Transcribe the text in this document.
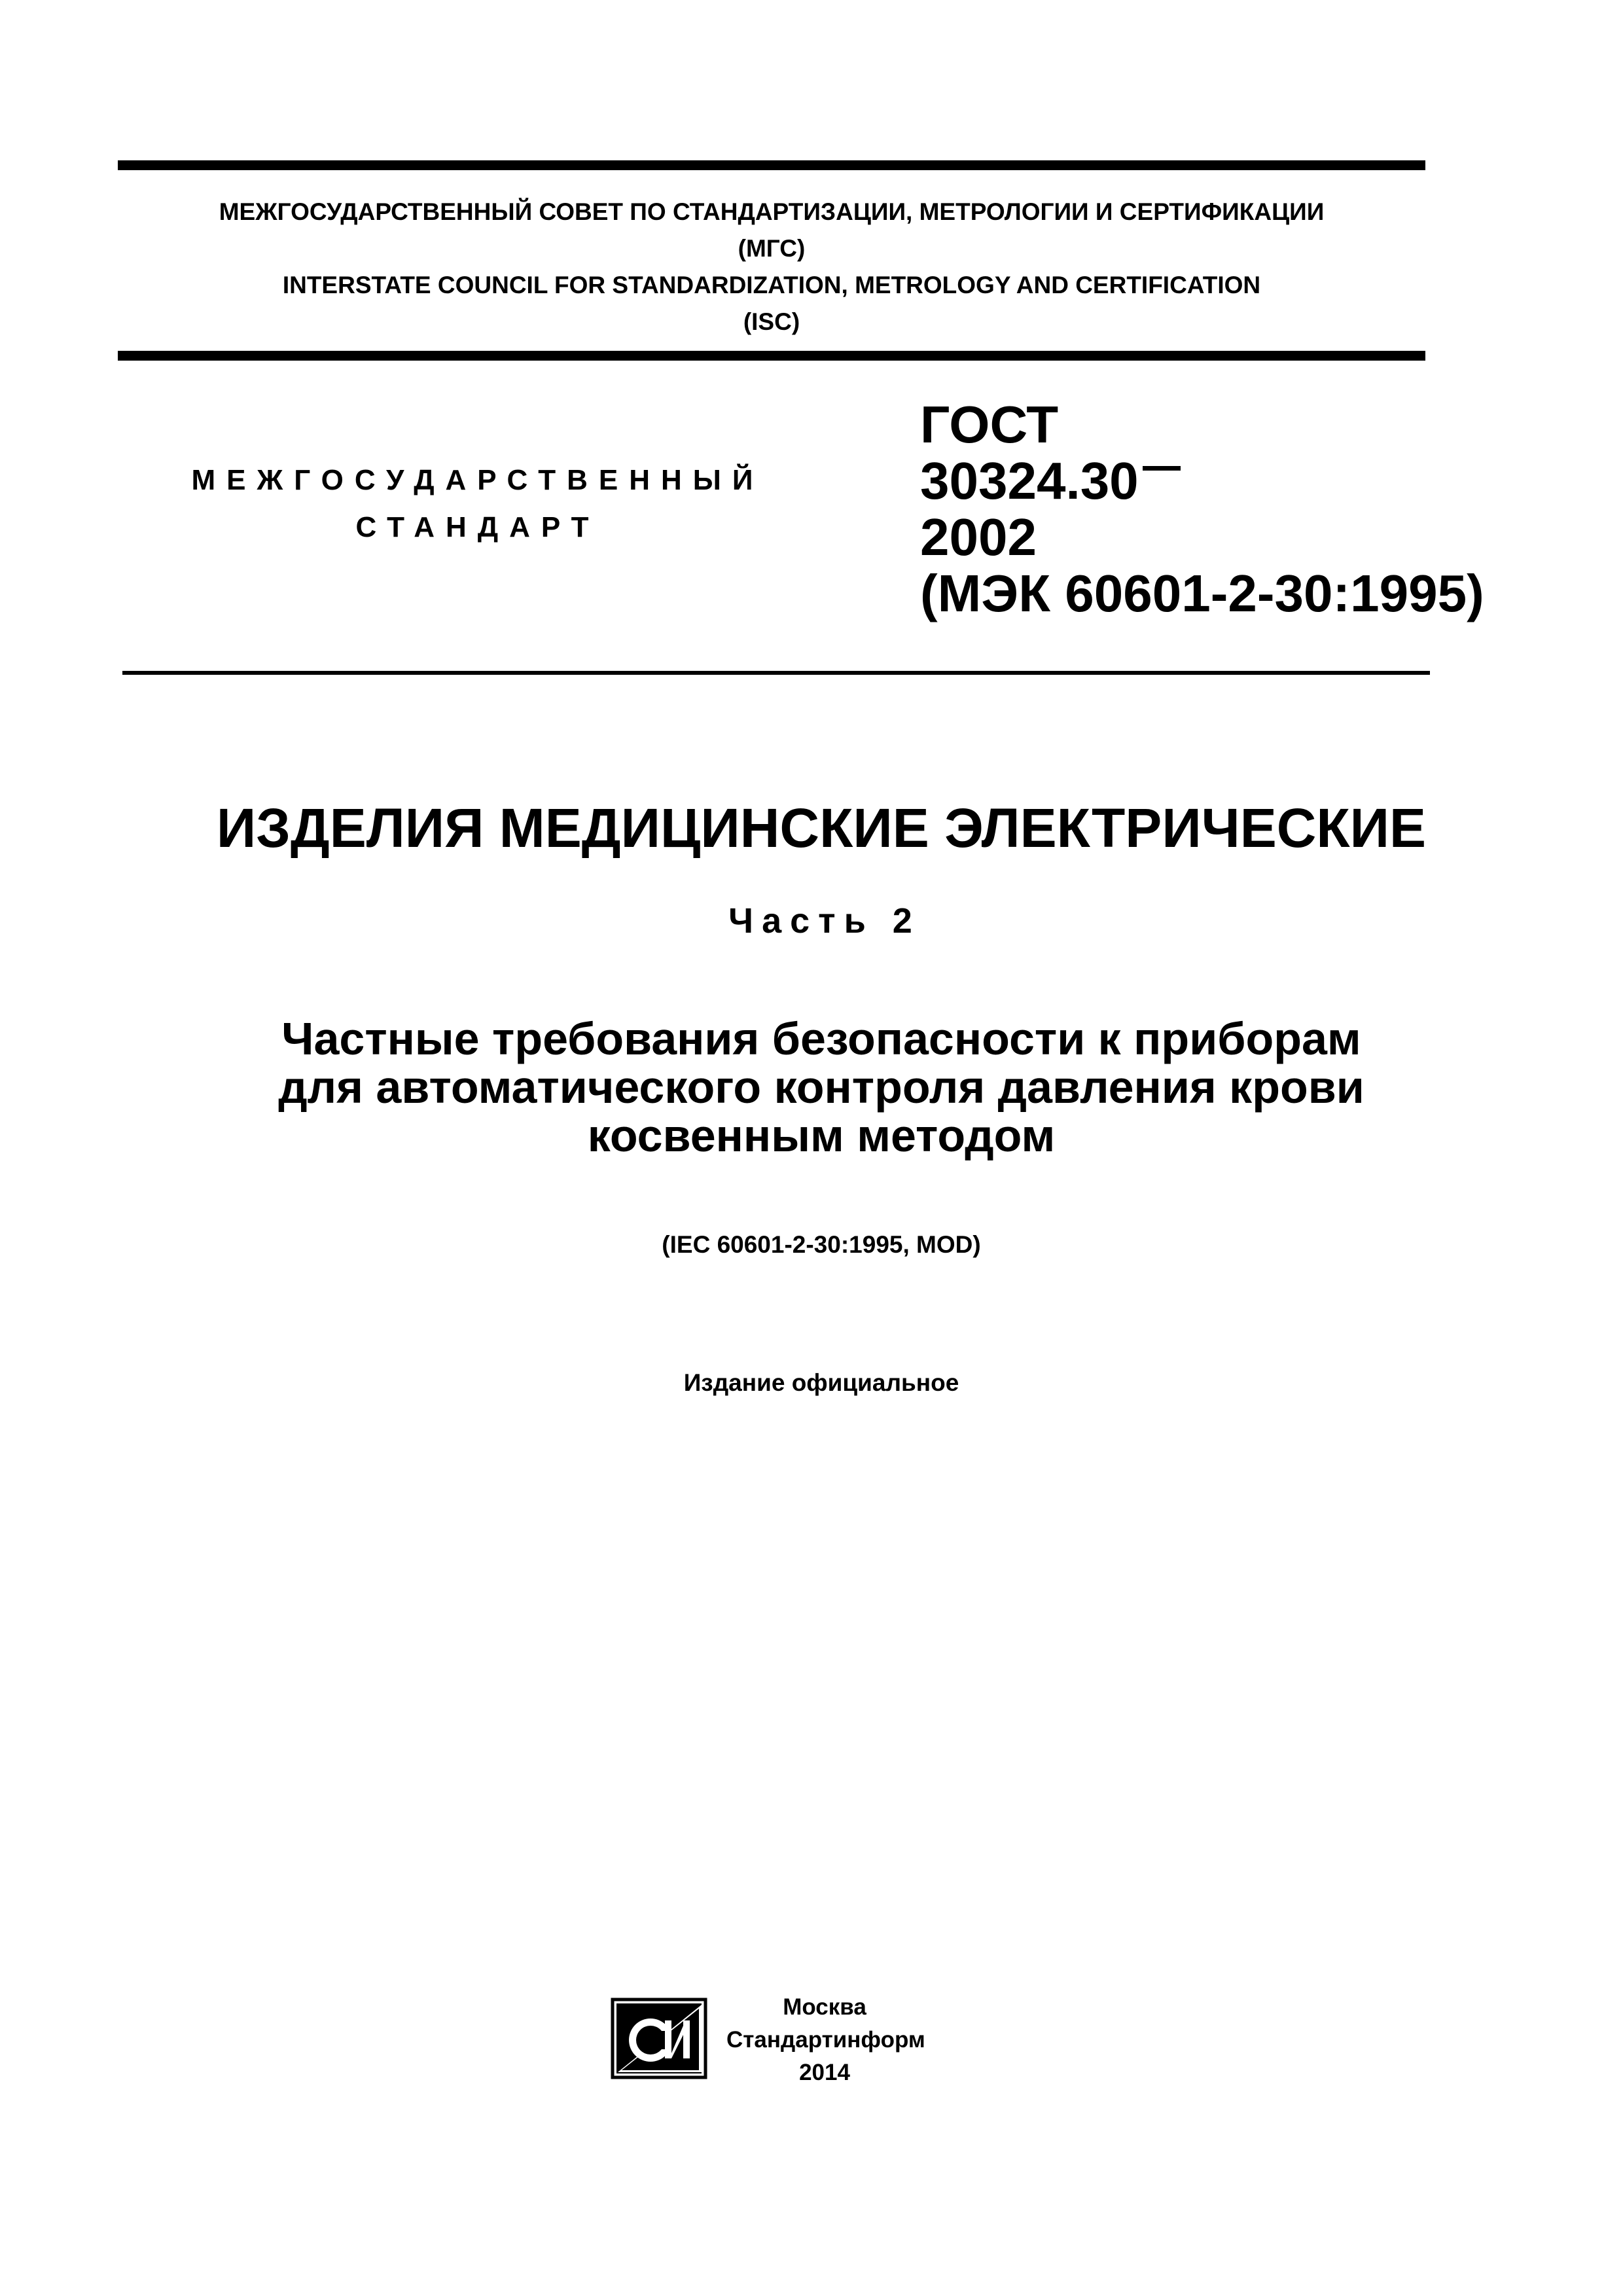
МЕЖГОСУДАРСТВЕННЫЙ СОВЕТ ПО СТАНДАРТИЗАЦИИ, МЕТРОЛОГИИ И СЕРТИФИКАЦИИ
(МГС)
INTERSTATE COUNCIL FOR STANDARDIZATION, METROLOGY AND CERTIFICATION
(ISC)
МЕЖГОСУДАРСТВЕННЫЙ
СТАНДАРТ
ГОСТ
30324.30
2002
(МЭК 60601-2-30:1995)
ИЗДЕЛИЯ МЕДИЦИНСКИЕ ЭЛЕКТРИЧЕСКИЕ
Часть 2
Частные требования безопасности к приборам
для автоматического контроля давления крови
косвенным методом
(IEC 60601-2-30:1995, MOD)
Издание официальное
Москва
Стандартинформ
2014
